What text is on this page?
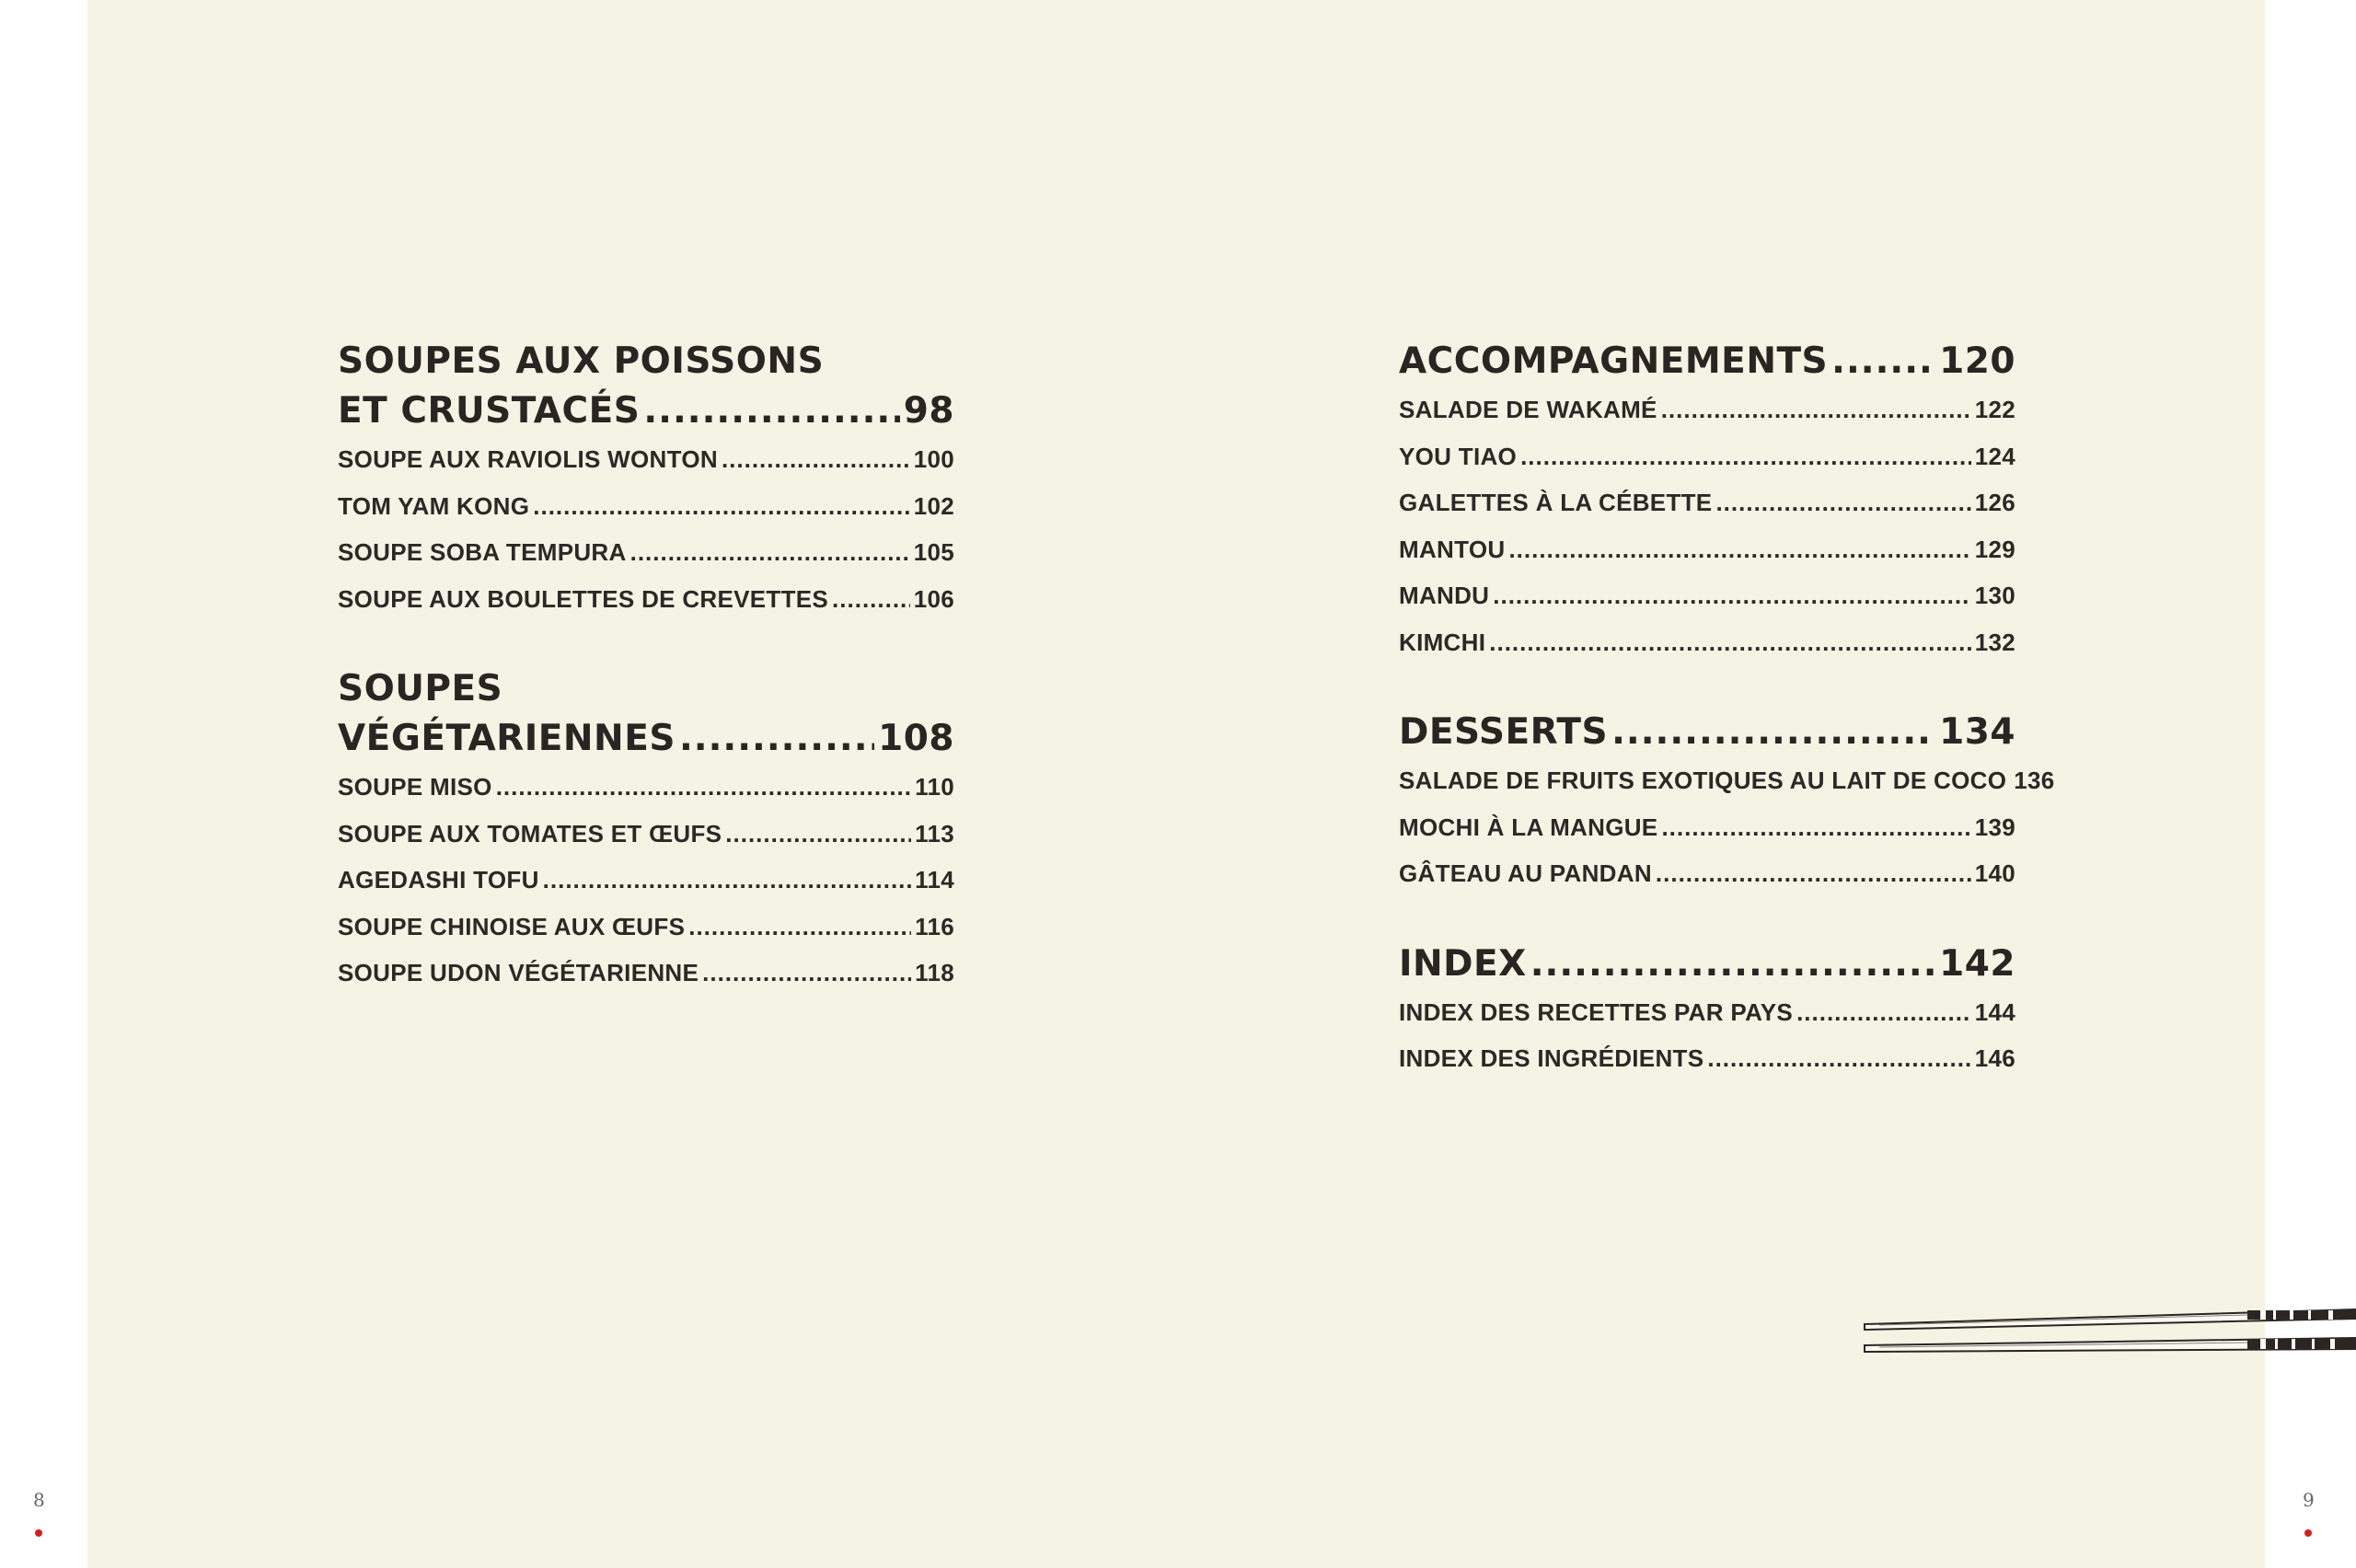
SOUPES AUX POISSONS
ET CRUSTACÉS .....	98
SOUPE AUX RAVIOLIS WONTON .....	100
TOM YAM KONG .....	102
SOUPE SOBA TEMPURA .....	105
SOUPE AUX BOULETTES DE CREVETTES .....	106
SOUPES
VÉGÉTARIENNES .....	108
SOUPE MISO .....	110
SOUPE AUX TOMATES ET ŒUFS .....	113
AGEDASHI TOFU .....	114
SOUPE CHINOISE AUX ŒUFS .....	116
SOUPE UDON VÉGÉTARIENNE .....	118
ACCOMPAGNEMENTS .....	120
SALADE DE WAKAMÉ .....	122
YOU TIAO .....	124
GALETTES À LA CÉBETTE .....	126
MANTOU .....	129
MANDU .....	130
KIMCHI .....	132
DESSERTS .....	134
SALADE DE FRUITS EXOTIQUES AU LAIT DE COCO 136
MOCHI À LA MANGUE .....	139
GÂTEAU AU PANDAN .....	140
INDEX .....	142
INDEX DES RECETTES PAR PAYS .....	144
INDEX DES INGRÉDIENTS .....	146
8	9
